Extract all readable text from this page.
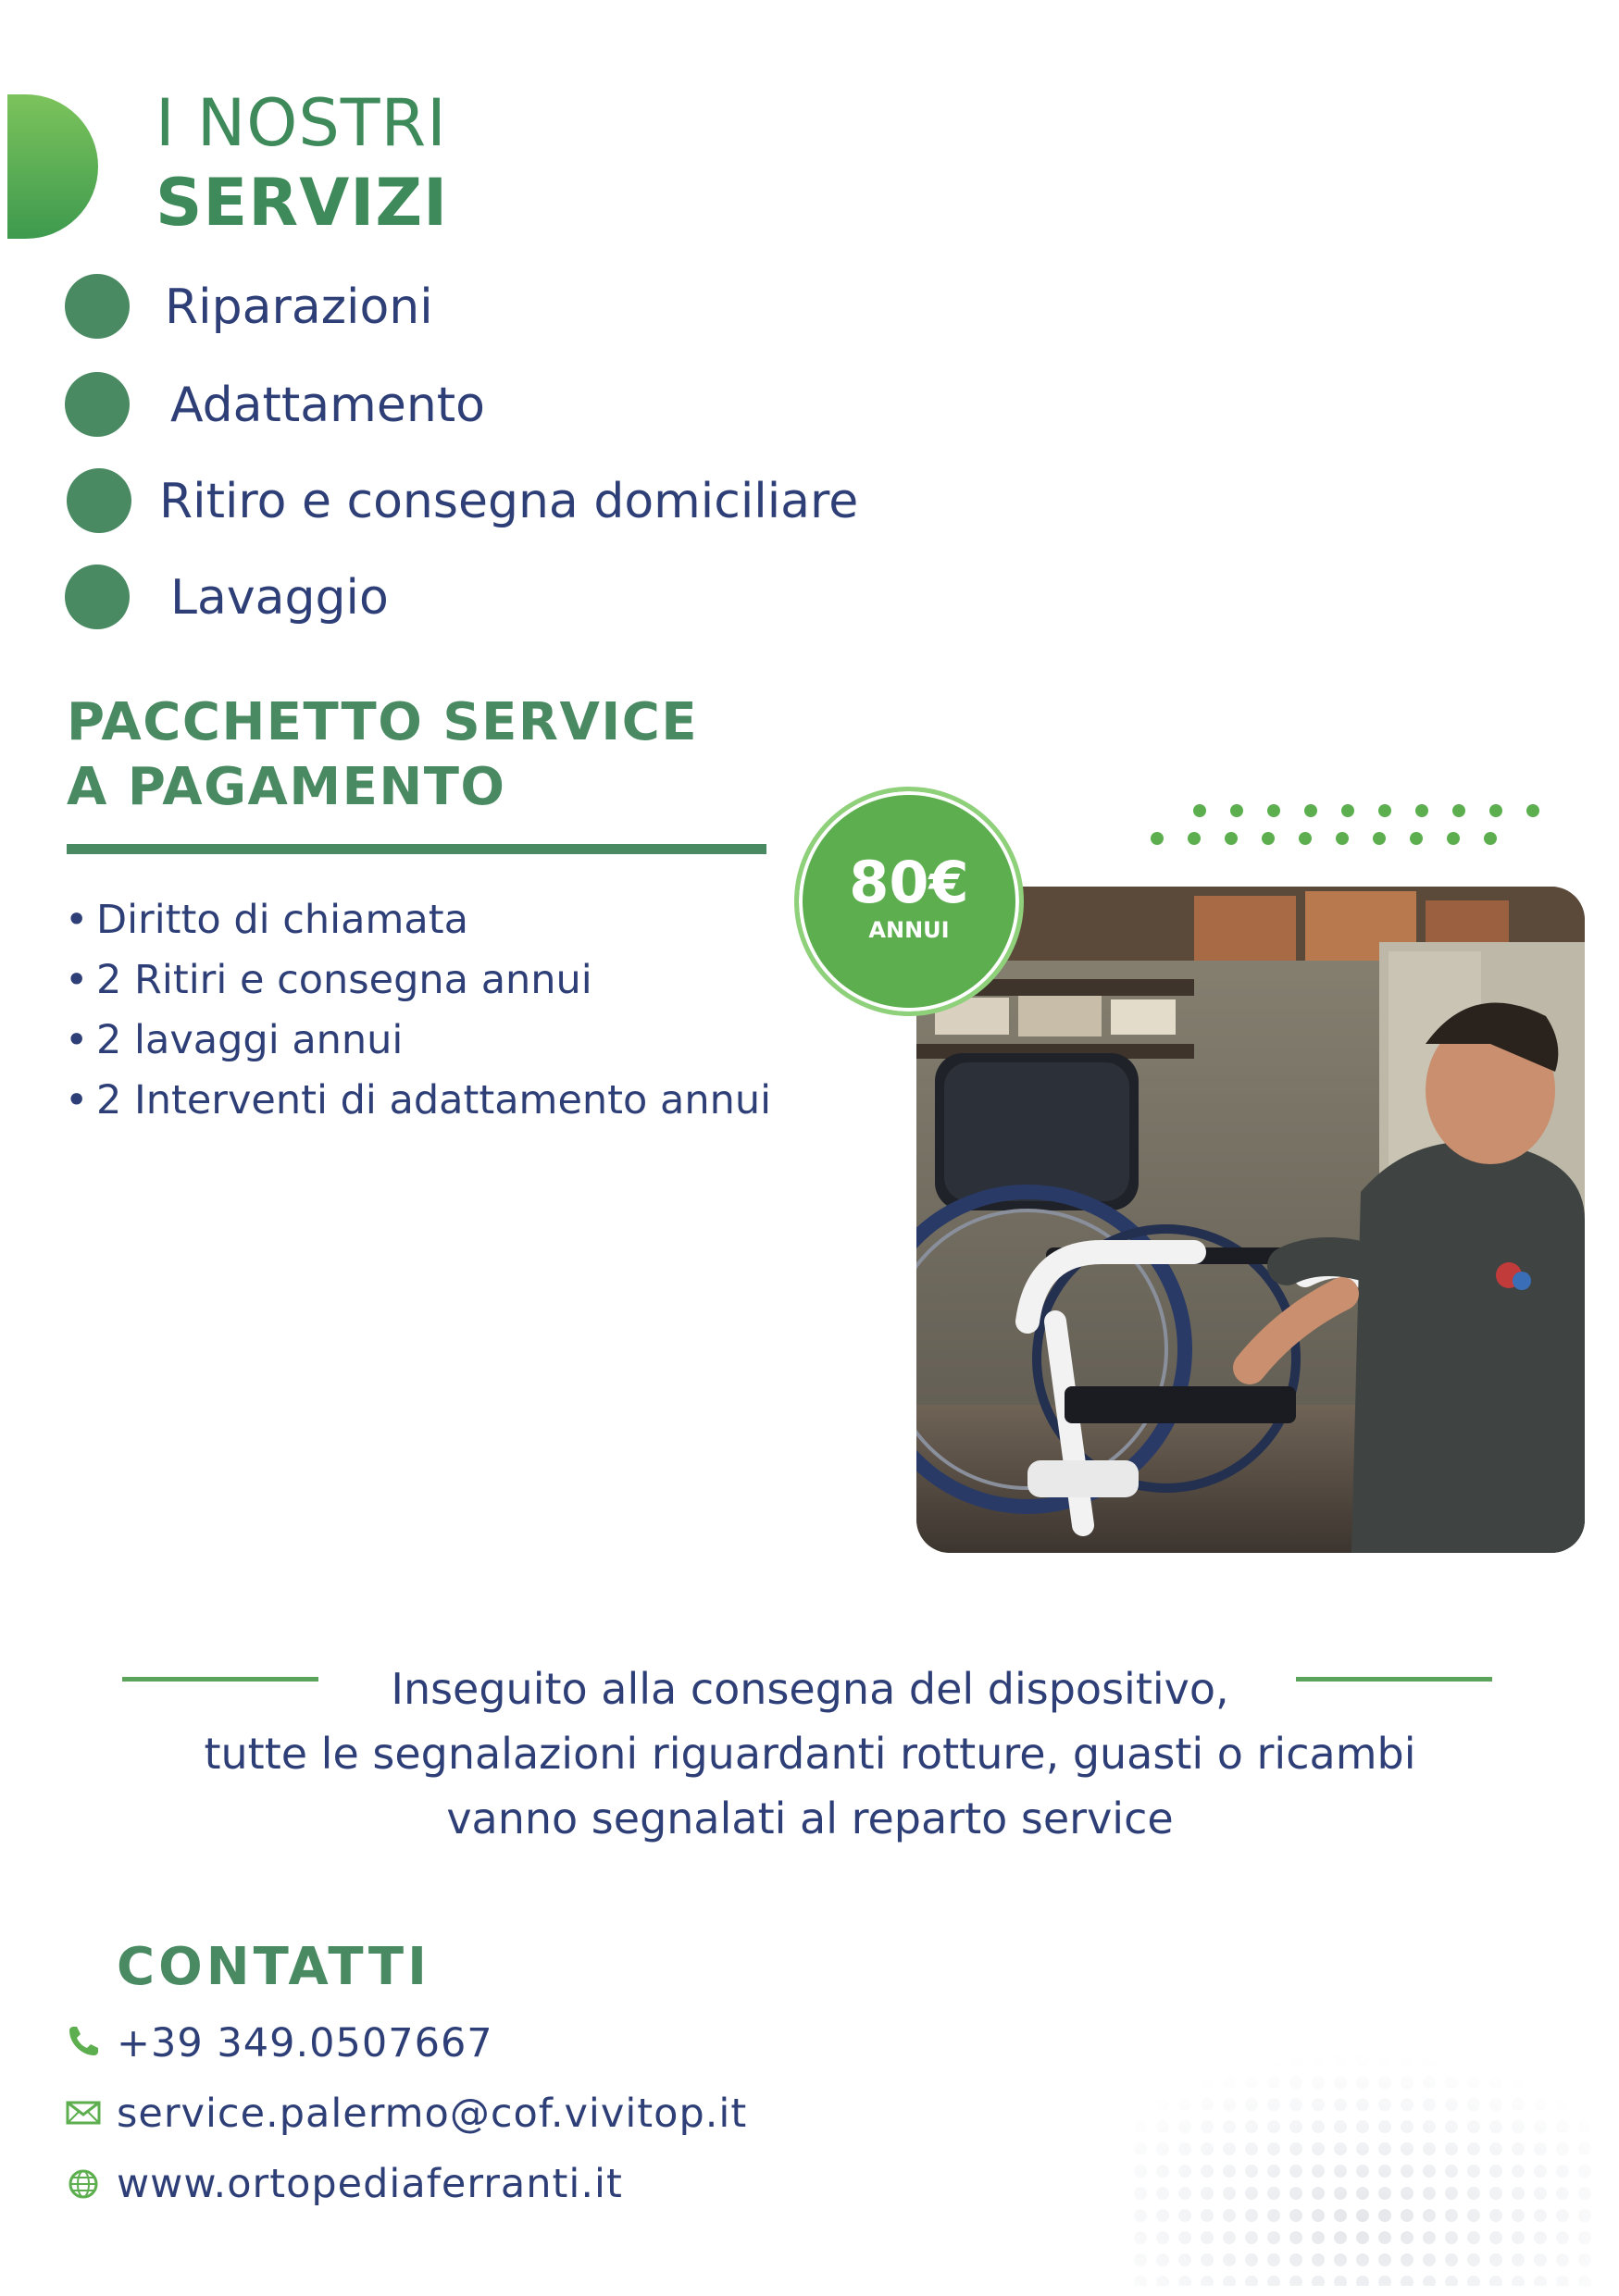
I NOSTRI
SERVIZI
Riparazioni
Adattamento
Ritiro e consegna domiciliare
Lavaggio
PACCHETTO SERVICE
A PAGAMENTO
• Diritto di chiamata
• 2 Ritiri e consegna annui
• 2 lavaggi annui
• 2 Interventi di adattamento annui
80€
ANNUI
Inseguito alla consegna del dispositivo,
tutte le segnalazioni riguardanti rotture, guasti o ricambi
vanno segnalati al reparto service
CONTATTI
+39 349.0507667
service.palermo@cof.vivitop.it
www.ortopediaferranti.it
